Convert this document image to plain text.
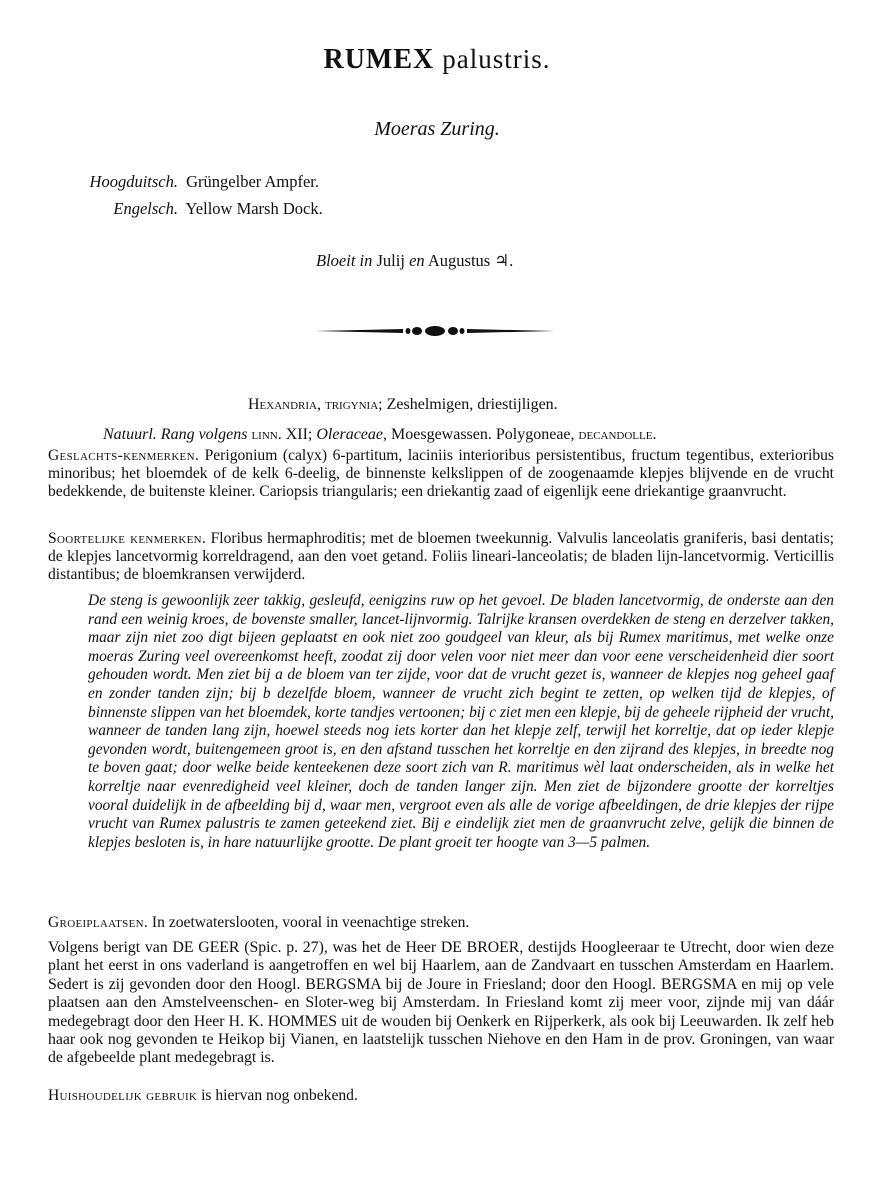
RUMEX palustris.
Moeras Zuring.
Hoogduitsch. Grüngelber Ampfer.
Engelsch. Yellow Marsh Dock.
Bloeit in Julij en Augustus ♃.
Hexandria, trigynia; Zeshelmigen, driestijligen.
Natuurl. Rang volgens linn. XII; Oleraceae, Moesgewassen. Polygoneae, decandolle.
Geslachts-kenmerken. Perigonium (calyx) 6-partitum, laciniis interioribus persistentibus, fructum tegentibus, exterioribus minoribus; het bloemdek of de kelk 6-deelig, de binnenste kelkslippen of de zoogenaamde klepjes blijvende en de vrucht bedekkende, de buitenste kleiner. Cariopsis triangularis; een driekantig zaad of eigenlijk eene driekantige graanvrucht.
Soortelijke kenmerken. Floribus hermaphroditis; met de bloemen tweekunnig. Valvulis lanceolatis graniferis, basi dentatis; de klepjes lancetvormig korreldragend, aan den voet getand. Foliis lineari-lanceolatis; de bladen lijn-lancetvormig. Verticillis distantibus; de bloemkransen verwijderd.
De steng is gewoonlijk zeer takkig, gesleufd, eenigzins ruw op het gevoel. De bladen lancetvormig, de onderste aan den rand een weinig kroes, de bovenste smaller, lancet-lijnvormig. Talrijke kransen overdekken de steng en derzelver takken, maar zijn niet zoo digt bijeen geplaatst en ook niet zoo goudgeel van kleur, als bij Rumex maritimus, met welke onze moeras Zuring veel overeenkomst heeft, zoodat zij door velen voor niet meer dan voor eene verscheidenheid dier soort gehouden wordt. Men ziet bij a de bloem van ter zijde, voor dat de vrucht gezet is, wanneer de klepjes nog geheel gaaf en zonder tanden zijn; bij b dezelfde bloem, wanneer de vrucht zich begint te zetten, op welken tijd de klepjes, of binnenste slippen van het bloemdek, korte tandjes vertoonen; bij c ziet men een klepje, bij de geheele rijpheid der vrucht, wanneer de tanden lang zijn, hoewel steeds nog iets korter dan het klepje zelf, terwijl het korreltje, dat op ieder klepje gevonden wordt, buitengemeen groot is, en den afstand tusschen het korreltje en den zijrand des klepjes, in breedte nog te boven gaat; door welke beide kenteekenen deze soort zich van R. maritimus wèl laat onderscheiden, als in welke het korreltje naar evenredigheid veel kleiner, doch de tanden langer zijn. Men ziet de bijzondere grootte der korreltjes vooral duidelijk in de afbeelding bij d, waar men, vergroot even als alle de vorige afbeeldingen, de drie klepjes der rijpe vrucht van Rumex palustris te zamen geteekend ziet. Bij e eindelijk ziet men de graanvrucht zelve, gelijk die binnen de klepjes besloten is, in hare natuurlijke grootte. De plant groeit ter hoogte van 3—5 palmen.
Groeiplaatsen. In zoetwaterslooten, vooral in veenachtige streken.
Volgens berigt van DE GEER (Spic. p. 27), was het de Heer DE BROER, destijds Hoogleeraar te Utrecht, door wien deze plant het eerst in ons vaderland is aangetroffen en wel bij Haarlem, aan de Zandvaart en tusschen Amsterdam en Haarlem. Sedert is zij gevonden door den Hoogl. BERGSMA bij de Joure in Friesland; door den Hoogl. BERGSMA en mij op vele plaatsen aan den Amstelveenschen- en Sloter-weg bij Amsterdam. In Friesland komt zij meer voor, zijnde mij van dáár medegebragt door den Heer H. K. HOMMES uit de wouden bij Oenkerk en Rijperkerk, als ook bij Leeuwarden. Ik zelf heb haar ook nog gevonden te Heikop bij Vianen, en laatstelijk tusschen Niehove en den Ham in de prov. Groningen, van waar de afgebeelde plant medegebragt is.
Huishoudelijk gebruik is hiervan nog onbekend.
